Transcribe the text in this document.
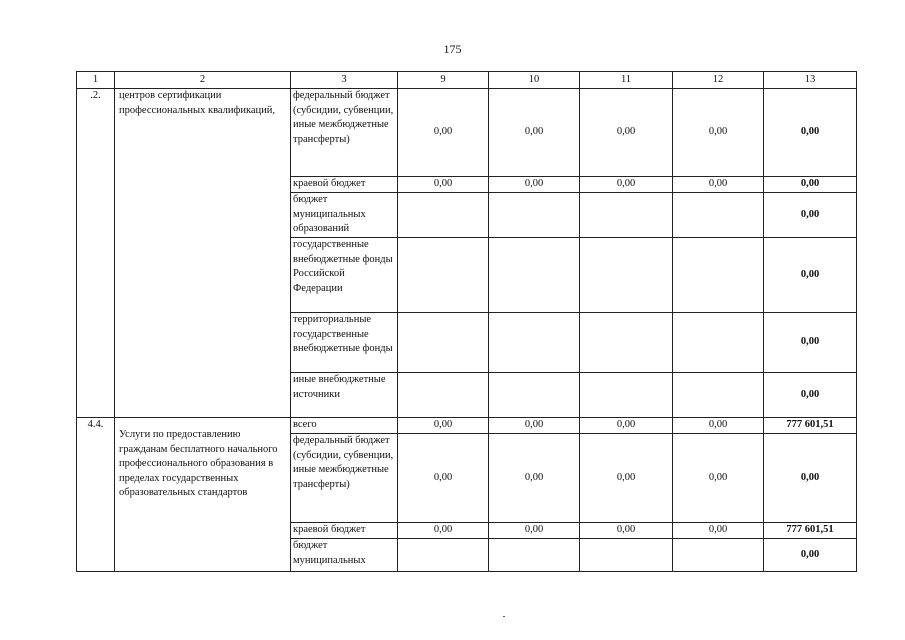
175
1	2	3	9	10	11	12	13
.2.	центров сертификации профессиональных квалификаций,	федеральный бюджет (субсидии, субвенции, иные межбюджетные трансферты)	0,00	0,00	0,00	0,00	0,00
		краевой бюджет	0,00	0,00	0,00	0,00	0,00
		бюджет муниципальных образований					0,00
		государственные внебюджетные фонды Российской Федерации					0,00
		территориальные государственные внебюджетные фонды					0,00
		иные внебюджетные источники					0,00
4.4.	Услуги по предоставлению гражданам бесплатного начального профессионального образования в пределах государственных образовательных стандартов	всего	0,00	0,00	0,00	0,00	777 601,51
		федеральный бюджет (субсидии, субвенции, иные межбюджетные трансферты)	0,00	0,00	0,00	0,00	0,00
		краевой бюджет	0,00	0,00	0,00	0,00	777 601,51
		бюджет муниципальных					0,00
